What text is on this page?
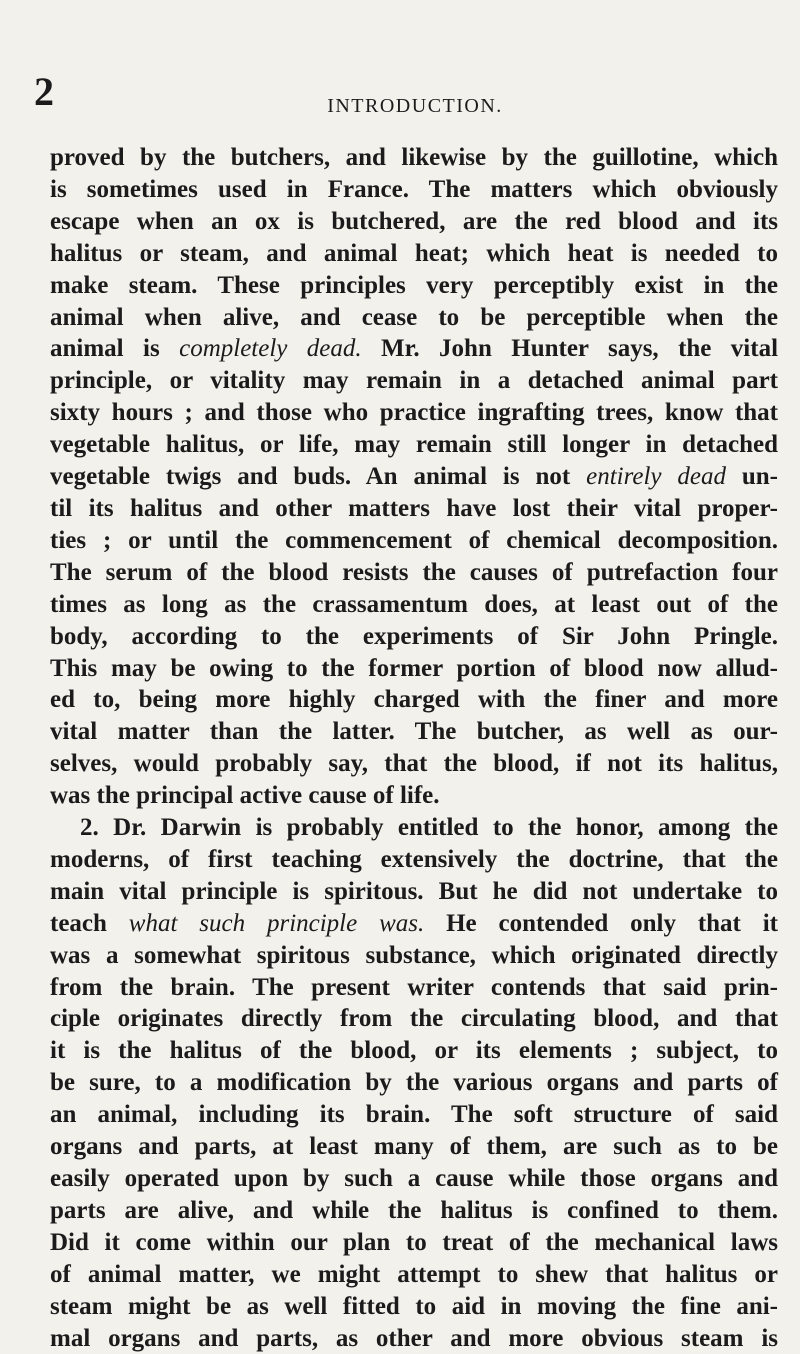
2	INTRODUCTION.
proved by the butchers, and likewise by the guillotine, which
is sometimes used in France. The matters which obviously
escape when an ox is butchered, are the red blood and its
halitus or steam, and animal heat; which heat is needed to
make steam. These principles very perceptibly exist in the
animal when alive, and cease to be perceptible when the
animal is completely dead. Mr. John Hunter says, the vital
principle, or vitality may remain in a detached animal part
sixty hours ; and those who practice ingrafting trees, know that
vegetable halitus, or life, may remain still longer in detached
vegetable twigs and buds. An animal is not entirely dead un-
til its halitus and other matters have lost their vital proper-
ties ; or until the commencement of chemical decomposition.
The serum of the blood resists the causes of putrefaction four
times as long as the crassamentum does, at least out of the
body, according to the experiments of Sir John Pringle.
This may be owing to the former portion of blood now allud-
ed to, being more highly charged with the finer and more
vital matter than the latter. The butcher, as well as our-
selves, would probably say, that the blood, if not its halitus,
was the principal active cause of life.
2. Dr. Darwin is probably entitled to the honor, among the
moderns, of first teaching extensively the doctrine, that the
main vital principle is spiritous. But he did not undertake to
teach what such principle was. He contended only that it
was a somewhat spiritous substance, which originated directly
from the brain. The present writer contends that said prin-
ciple originates directly from the circulating blood, and that
it is the halitus of the blood, or its elements ; subject, to
be sure, to a modification by the various organs and parts of
an animal, including its brain. The soft structure of said
organs and parts, at least many of them, are such as to be
easily operated upon by such a cause while those organs and
parts are alive, and while the halitus is confined to them.
Did it come within our plan to treat of the mechanical laws
of animal matter, we might attempt to shew that halitus or
steam might be as well fitted to aid in moving the fine ani-
mal organs and parts, as other and more obvious steam is
